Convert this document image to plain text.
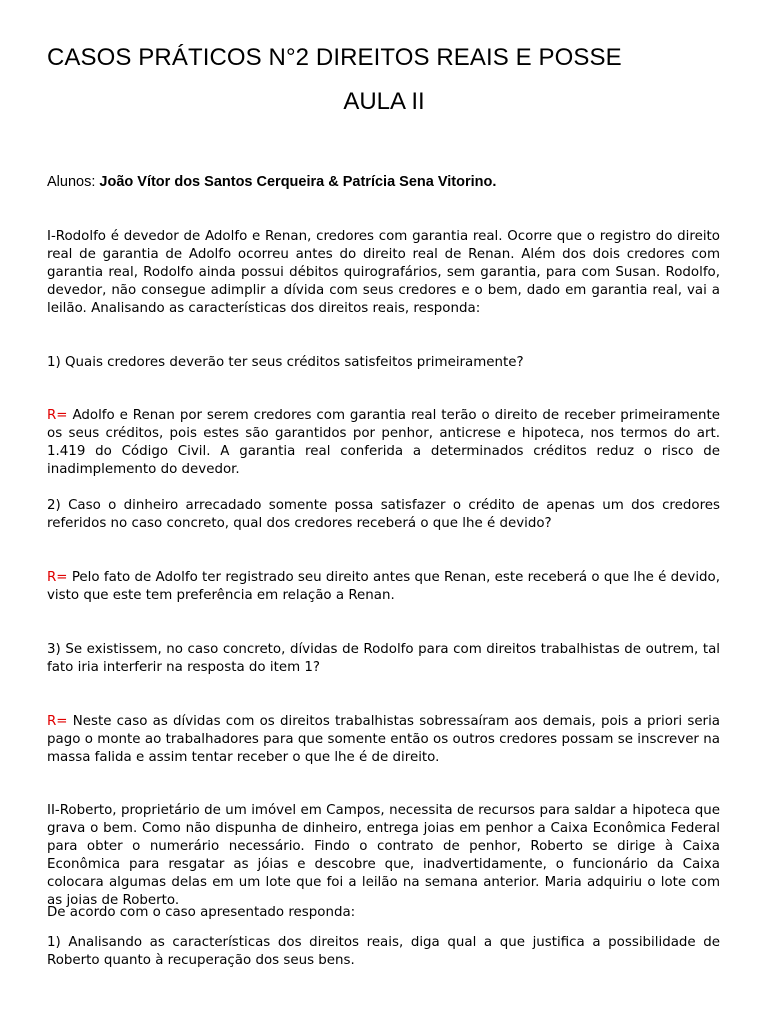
CASOS PRÁTICOS N°2 DIREITOS REAIS E POSSE
AULA II
Alunos: João Vítor dos Santos Cerqueira & Patrícia Sena Vitorino.
I-Rodolfo é devedor de Adolfo e Renan, credores com garantia real. Ocorre que o registro do direito real de garantia de Adolfo ocorreu antes do direito real de Renan. Além dos dois credores com garantia real, Rodolfo ainda possui débitos quirografários, sem garantia, para com Susan. Rodolfo, devedor, não consegue adimplir a dívida com seus credores e o bem, dado em garantia real, vai a leilão. Analisando as características dos direitos reais, responda:
1) Quais credores deverão ter seus créditos satisfeitos primeiramente?
R= Adolfo e Renan por serem credores com garantia real terão o direito de receber primeiramente os seus créditos, pois estes são garantidos por penhor, anticrese e hipoteca, nos termos do art. 1.419 do Código Civil. A garantia real conferida a determinados créditos reduz o risco de inadimplemento do devedor.
2) Caso o dinheiro arrecadado somente possa satisfazer o crédito de apenas um dos credores referidos no caso concreto, qual dos credores receberá o que lhe é devido?
R= Pelo fato de Adolfo ter registrado seu direito antes que Renan, este receberá o que lhe é devido, visto que este tem preferência em relação a Renan.
3) Se existissem, no caso concreto, dívidas de Rodolfo para com direitos trabalhistas de outrem, tal fato iria interferir na resposta do item 1?
R= Neste caso as dívidas com os direitos trabalhistas sobressaíram aos demais, pois a priori seria pago o monte ao trabalhadores para que somente então os outros credores possam se inscrever na massa falida e assim tentar receber o que lhe é de direito.
II-Roberto, proprietário de um imóvel em Campos, necessita de recursos para saldar a hipoteca que grava o bem. Como não dispunha de dinheiro, entrega joias em penhor a Caixa Econômica Federal para obter o numerário necessário. Findo o contrato de penhor, Roberto se dirige à Caixa Econômica para resgatar as jóias e descobre que, inadvertidamente, o funcionário da Caixa colocara algumas delas em um lote que foi a leilão na semana anterior. Maria adquiriu o lote com as joias de Roberto.
De acordo com o caso apresentado responda:
1) Analisando as características dos direitos reais, diga qual a que justifica a possibilidade de Roberto quanto à recuperação dos seus bens.
